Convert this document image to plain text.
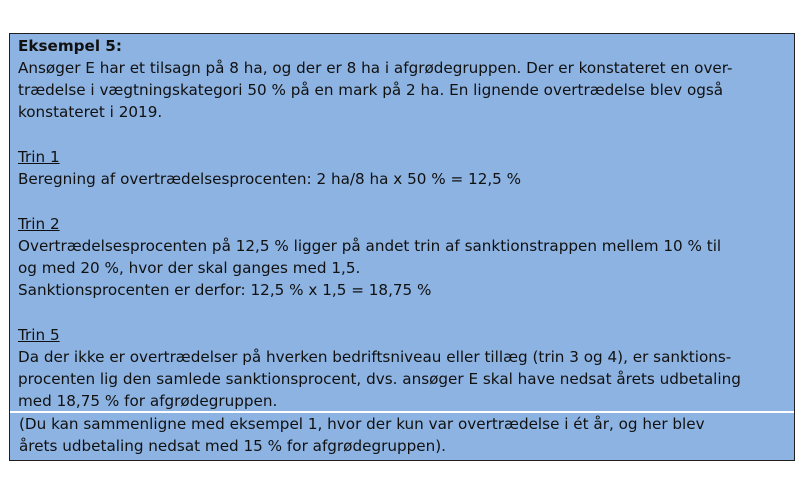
Eksempel 5:
Ansøger E har et tilsagn på 8 ha, og der er 8 ha i afgrødegruppen. Der er konstateret en over-
trædelse i vægtningskategori 50 % på en mark på 2 ha. En lignende overtrædelse blev også
konstateret i 2019.
Trin 1
Beregning af overtrædelsesprocenten: 2 ha/8 ha x 50 % = 12,5 %
Trin 2
Overtrædelsesprocenten på 12,5 % ligger på andet trin af sanktionstrappen mellem 10 % til
og med 20 %, hvor der skal ganges med 1,5.
Sanktionsprocenten er derfor: 12,5 % x 1,5 = 18,75 %
Trin 5
Da der ikke er overtrædelser på hverken bedriftsniveau eller tillæg (trin 3 og 4), er sanktions-
procenten lig den samlede sanktionsprocent, dvs. ansøger E skal have nedsat årets udbetaling
med 18,75 % for afgrødegruppen.
(Du kan sammenligne med eksempel 1, hvor der kun var overtrædelse i ét år, og her blev
årets udbetaling nedsat med 15 % for afgrødegruppen).
